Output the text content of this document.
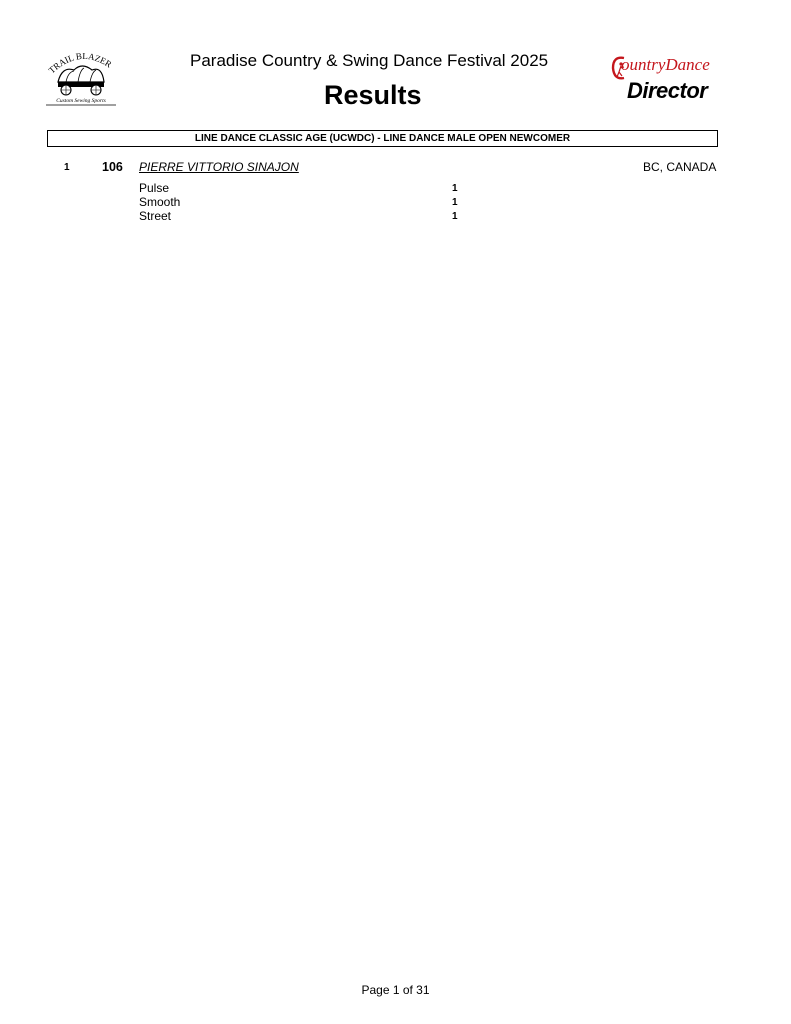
Paradise Country & Swing Dance Festival 2025
Results
TRAIL BLAZER
Custom Sewing Sports
ountryDance
Director
LINE DANCE CLASSIC AGE (UCWDC) - LINE DANCE MALE OPEN NEWCOMER
1	106 PIERRE VITTORIO SINAJON	BC, CANADA
Pulse	1
Smooth	1
Street	1
Page 1 of 31
